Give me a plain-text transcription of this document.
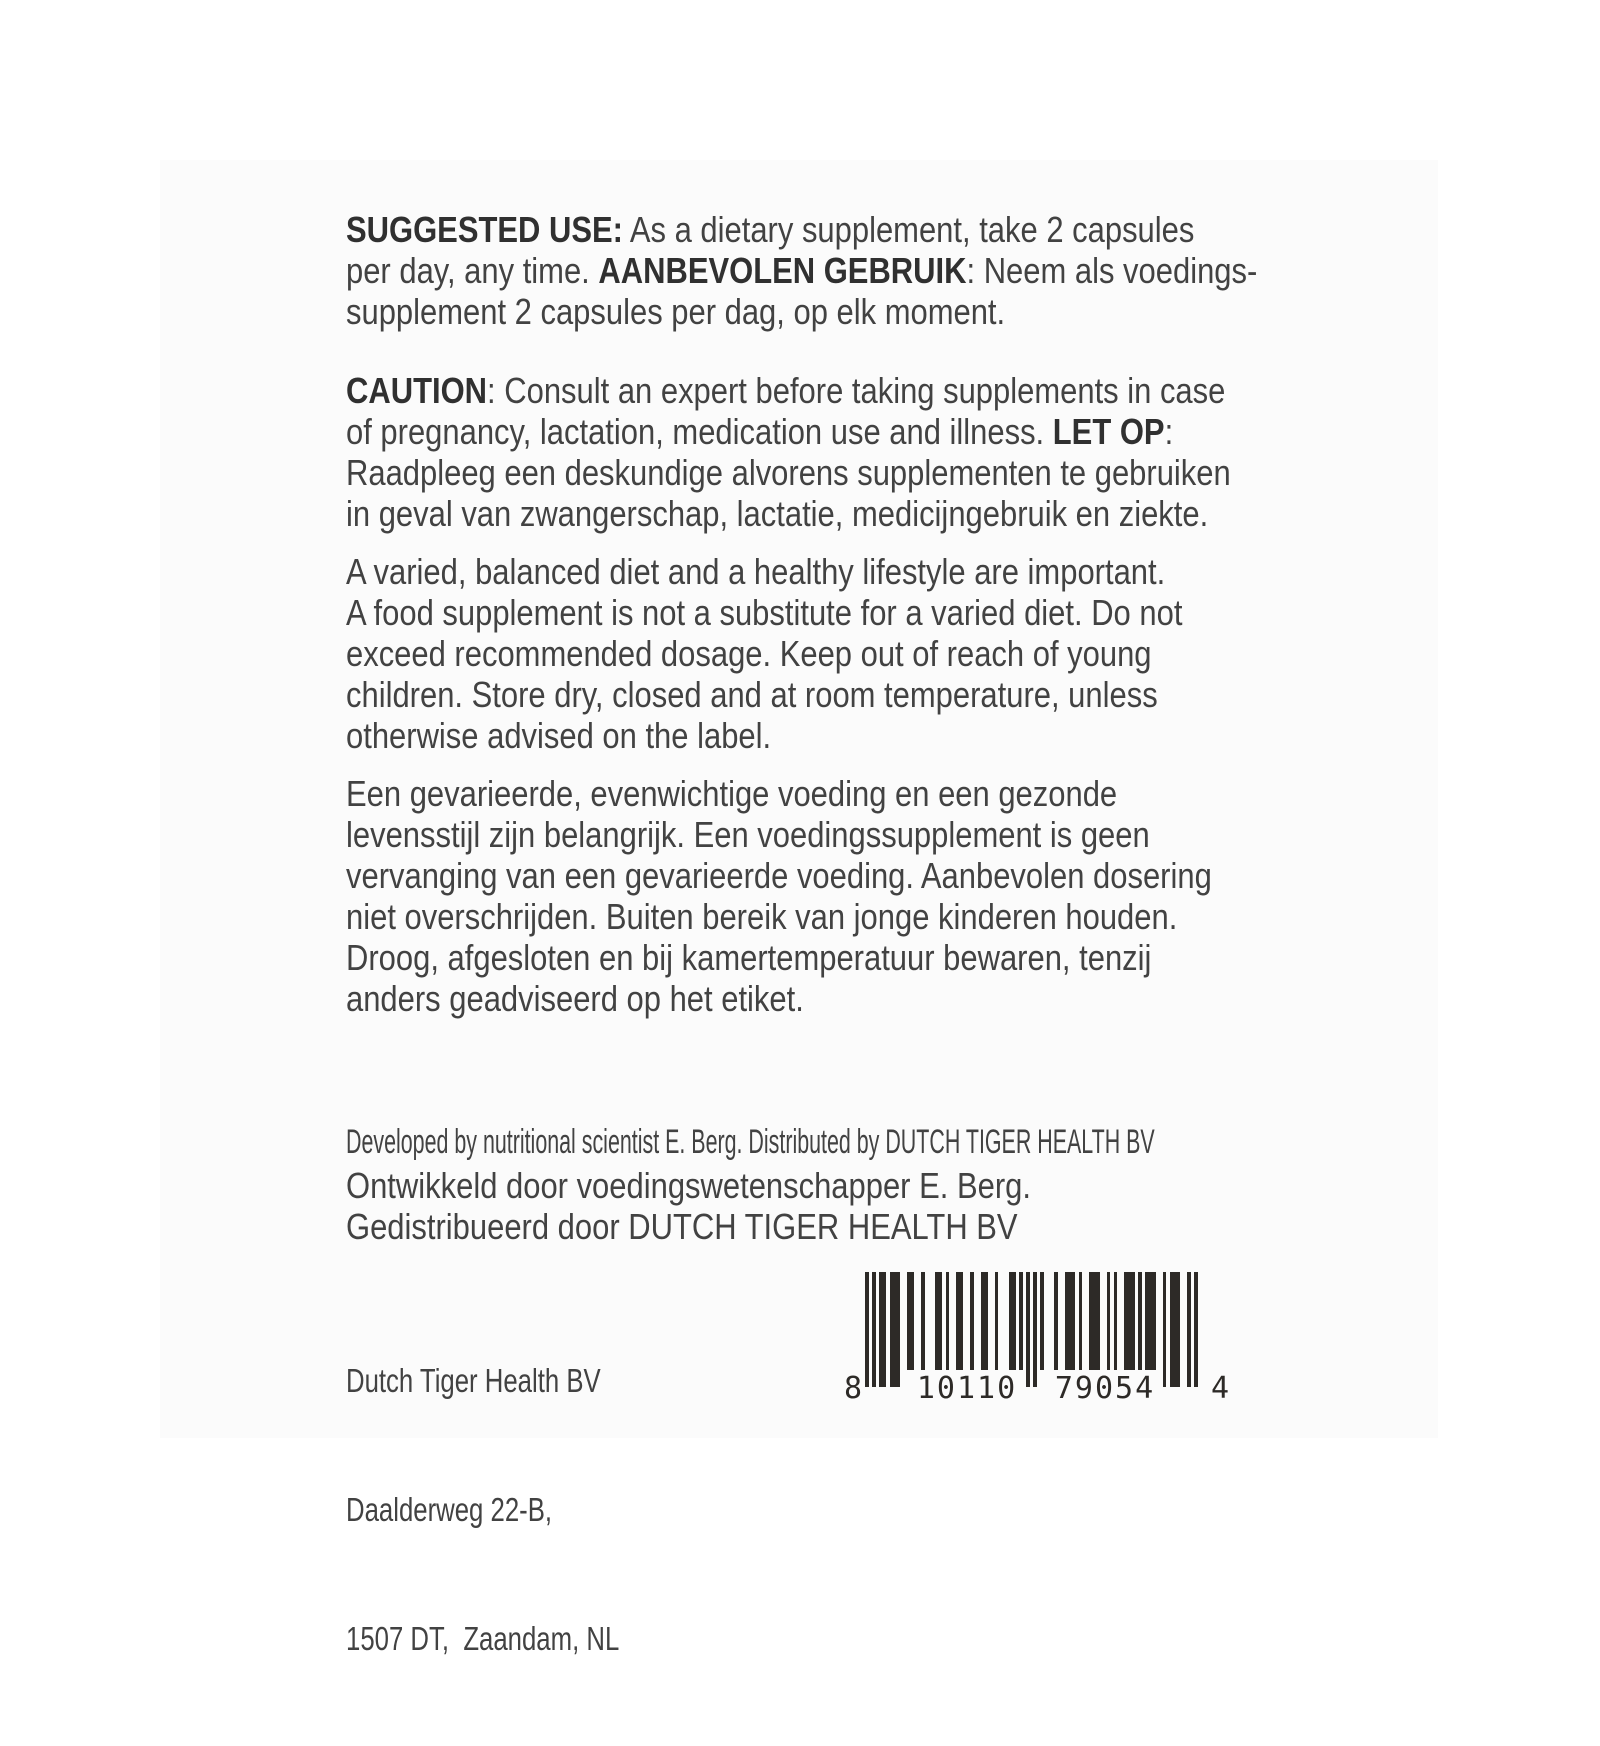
SUGGESTED USE: As a dietary supplement, take 2 capsules
per day, any time. AANBEVOLEN GEBRUIK: Neem als voedings-
supplement 2 capsules per dag, op elk moment.
CAUTION: Consult an expert before taking supplements in case
of pregnancy, lactation, medication use and illness. LET OP:
Raadpleeg een deskundige alvorens supplementen te gebruiken
in geval van zwangerschap, lactatie, medicijngebruik en ziekte.
A varied, balanced diet and a healthy lifestyle are important.
A food supplement is not a substitute for a varied diet. Do not
exceed recommended dosage. Keep out of reach of young
children. Store dry, closed and at room temperature, unless
otherwise advised on the label.
Een gevarieerde, evenwichtige voeding en een gezonde
levensstijl zijn belangrijk. Een voedingssupplement is geen
vervanging van een gevarieerde voeding. Aanbevolen dosering
niet overschrijden. Buiten bereik van jonge kinderen houden.
Droog, afgesloten en bij kamertemperatuur bewaren, tenzij
anders geadviseerd op het etiket.
Developed by nutritional scientist E. Berg. Distributed by DUTCH TIGER HEALTH BV
Ontwikkeld door voedingswetenschapper E. Berg.
Gedistribueerd door DUTCH TIGER HEALTH BV

Dutch Tiger Health BV

Daalderweg 22-B,

1507 DT,  Zaandam, NL

8 10110 79054 4
